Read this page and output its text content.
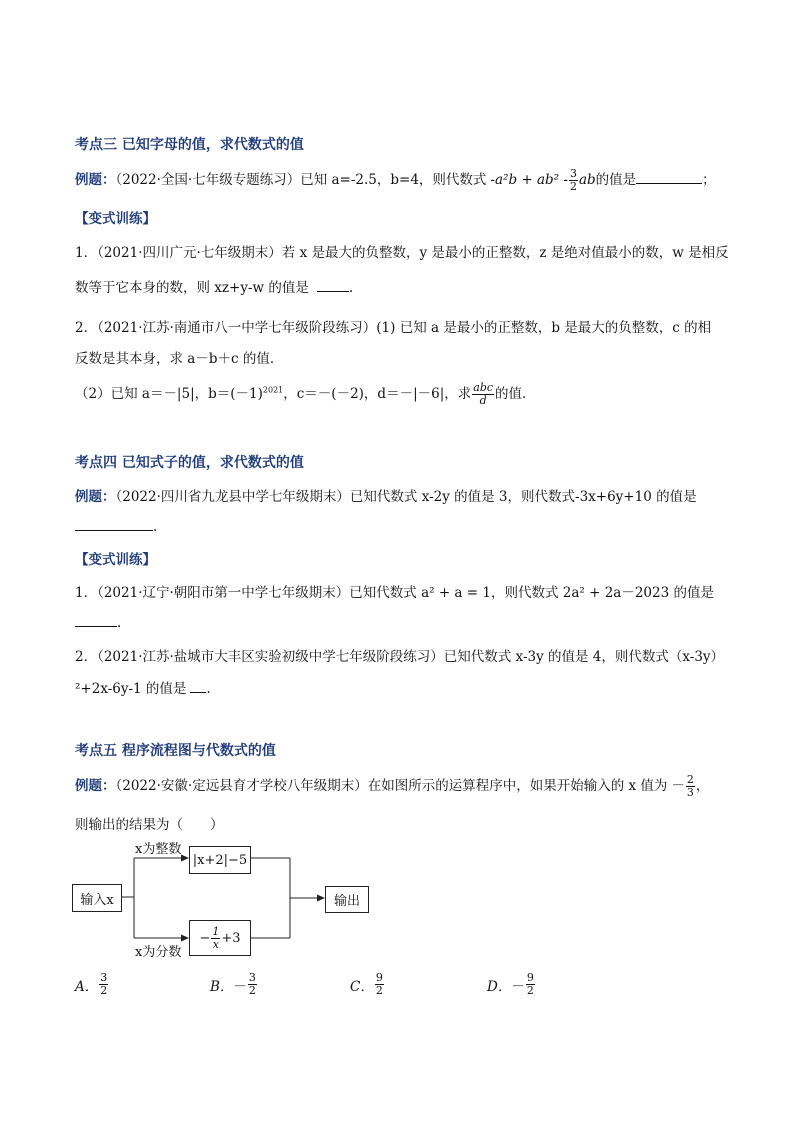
考点三 已知字母的值，求代数式的值
例题：（2022·全国·七年级专题练习）已知 a=-2.5，b=4，则代数式 $-a^2b + ab^2 - \frac{3}{2}$ ab的值是	；
【变式训练】
1．（2021·四川广元·七年级期末）若 x 是最大的负整数，y 是最小的正整数，z 是绝对值最小的数，w 是相反
数等于它本身的数，则 xz+y-w 的值是	.
2．（2021·江苏·南通市八一中学七年级阶段练习）(1) 已知 a 是最小的正整数，b 是最大的负整数，c 的相
反数是其本身，求 a－b＋c 的值．
（2）已知 a＝－|5|，$b=(-1)^{2021}$，c＝－(－2)，d＝－|－6|，求 $\frac{\text{abc}}{d}$ 的值．
考点四 已知式子的值，求代数式的值
例题：（2022·四川省九龙县中学七年级期末）已知代数式 x-2y 的值是 3，则代数式-3x+6y+10 的值是
.
【变式训练】
1．（2021·辽宁·朝阳市第一中学七年级期末）已知代数式 a² + a = 1，则代数式 2a² + 2a－2023 的值是
.
2．（2021·江苏·盐城市大丰区实验初级中学七年级阶段练习）已知代数式 x-3y 的值是 4，则代数式（x-3y）
²+2x-6y-1 的值是 .
考点五 程序流程图与代数式的值
例题：（2022·安徽·定远县育才学校八年级期末）在如图所示的运算程序中，如果开始输入的 x 值为 － $\frac{2}{3}$ ，
则输出的结果为（　　）
输入x
x为整数
|x+2|−5
− $\frac{1}{x} +3$
x为分数
输出
A． $\frac{3}{2}$	B． － $\frac{3}{2}$	C． $\frac{9}{2}$	D． － $\frac{9}{2}$
